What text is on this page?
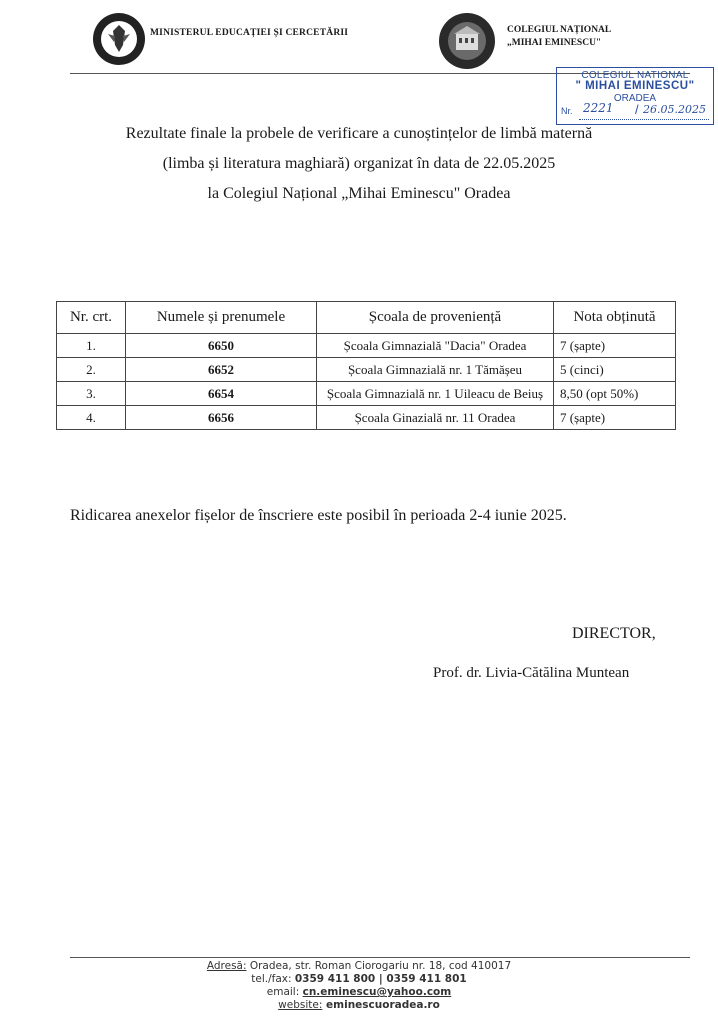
MINISTERUL EDUCAȚIEI ȘI CERCETĂRII	COLEGIUL NAȚIONAL
„MIHAI EMINESCU"
COLEGIUL NATIONAL
" MIHAI EMINESCU"
ORADEA
Nr. 2221 / 26.05.2025
Rezultate finale la probele de verificare a cunoștințelor de limbă maternă
(limba și literatura maghiară) organizat în data de 22.05.2025
la Colegiul Național „Mihai Eminescu" Oradea
Nr. crt.	Numele și prenumele	Școala de proveniență	Nota obținută
1.	6650	Școala Gimnazială "Dacia" Oradea	7 (șapte)
2.	6652	Școala Gimnazială nr. 1 Tămășeu	5 (cinci)
3.	6654	Școala Gimnazială nr. 1 Uileacu de Beiuș	8,50 (opt 50%)
4.	6656	Școala Ginazială nr. 11 Oradea	7 (șapte)
Ridicarea anexelor fișelor de înscriere este posibil în perioada 2-4 iunie 2025.
DIRECTOR,
Prof. dr. Livia-Cătălina Muntean
Adresă: Oradea, str. Roman Ciorogariu nr. 18, cod 410017
tel./fax: 0359 411 800 | 0359 411 801
email: cn.eminescu@yahoo.com
website: eminescuoradea.ro
